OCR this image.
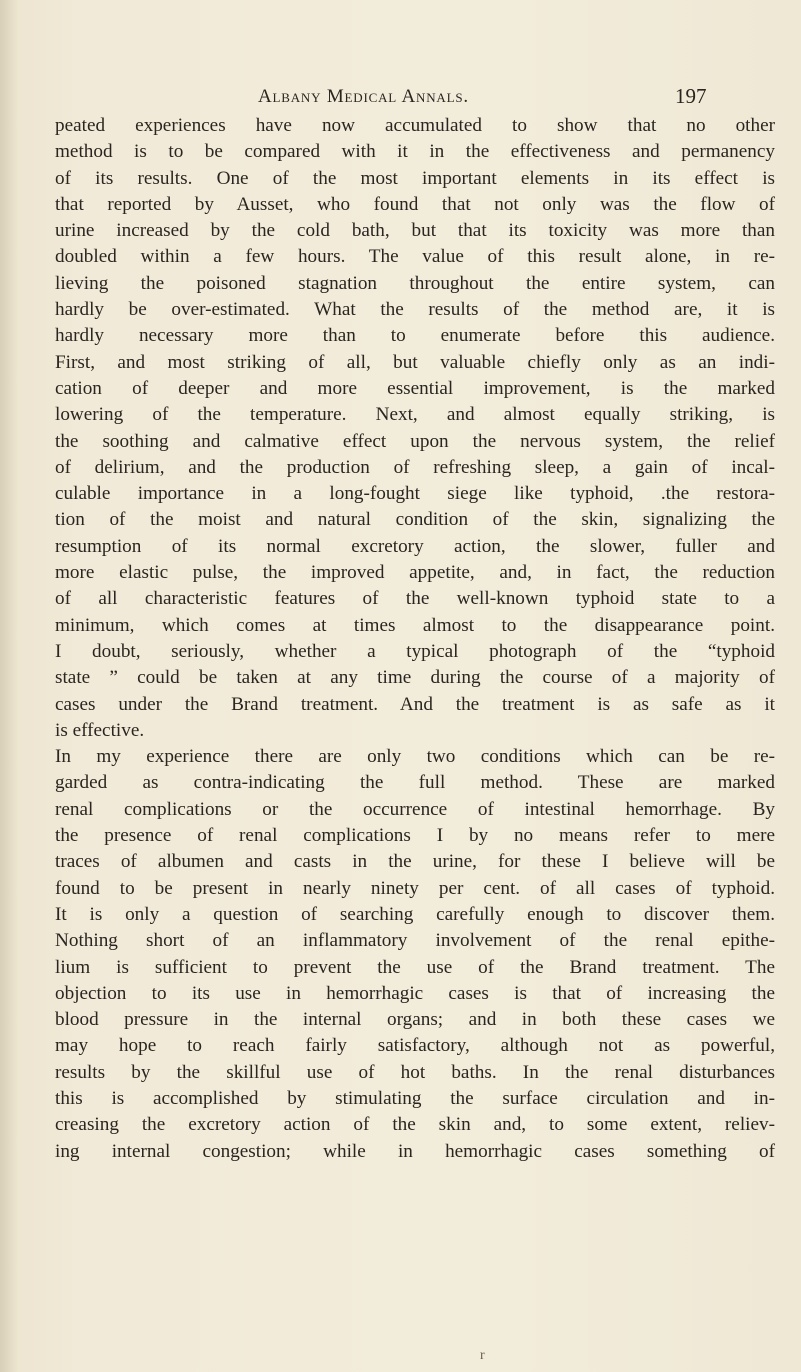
Albany Medical Annals.	197
peated experiences have now accumulated to show that no other
method is to be compared with it in the effectiveness and permanency
of its results. One of the most important elements in its effect is
that reported by Ausset, who found that not only was the flow of
urine increased by the cold bath, but that its toxicity was more than
doubled within a few hours. The value of this result alone, in re-
lieving the poisoned stagnation throughout the entire system, can
hardly be over-estimated. What the results of the method are, it is
hardly necessary more than to enumerate before this audience.
First, and most striking of all, but valuable chiefly only as an indi-
cation of deeper and more essential improvement, is the marked
lowering of the temperature. Next, and almost equally striking, is
the soothing and calmative effect upon the nervous system, the relief
of delirium, and the production of refreshing sleep, a gain of incal-
culable importance in a long-fought siege like typhoid, .the restora-
tion of the moist and natural condition of the skin, signalizing the
resumption of its normal excretory action, the slower, fuller and
more elastic pulse, the improved appetite, and, in fact, the reduction
of all characteristic features of the well-known typhoid state to a
minimum, which comes at times almost to the disappearance point.
I doubt, seriously, whether a typical photograph of the “typhoid
state ” could be taken at any time during the course of a majority of
cases under the Brand treatment. And the treatment is as safe as it
is effective.
In my experience there are only two conditions which can be re-
garded as contra-indicating the full method. These are marked
renal complications or the occurrence of intestinal hemorrhage. By
the presence of renal complications I by no means refer to mere
traces of albumen and casts in the urine, for these I believe will be
found to be present in nearly ninety per cent. of all cases of typhoid.
It is only a question of searching carefully enough to discover them.
Nothing short of an inflammatory involvement of the renal epithe-
lium is sufficient to prevent the use of the Brand treatment. The
objection to its use in hemorrhagic cases is that of increasing the
blood pressure in the internal organs; and in both these cases we
may hope to reach fairly satisfactory, although not as powerful,
results by the skillful use of hot baths. In the renal disturbances
this is accomplished by stimulating the surface circulation and in-
creasing the excretory action of the skin and, to some extent, reliev-
ing internal congestion; while in hemorrhagic cases something of
r
